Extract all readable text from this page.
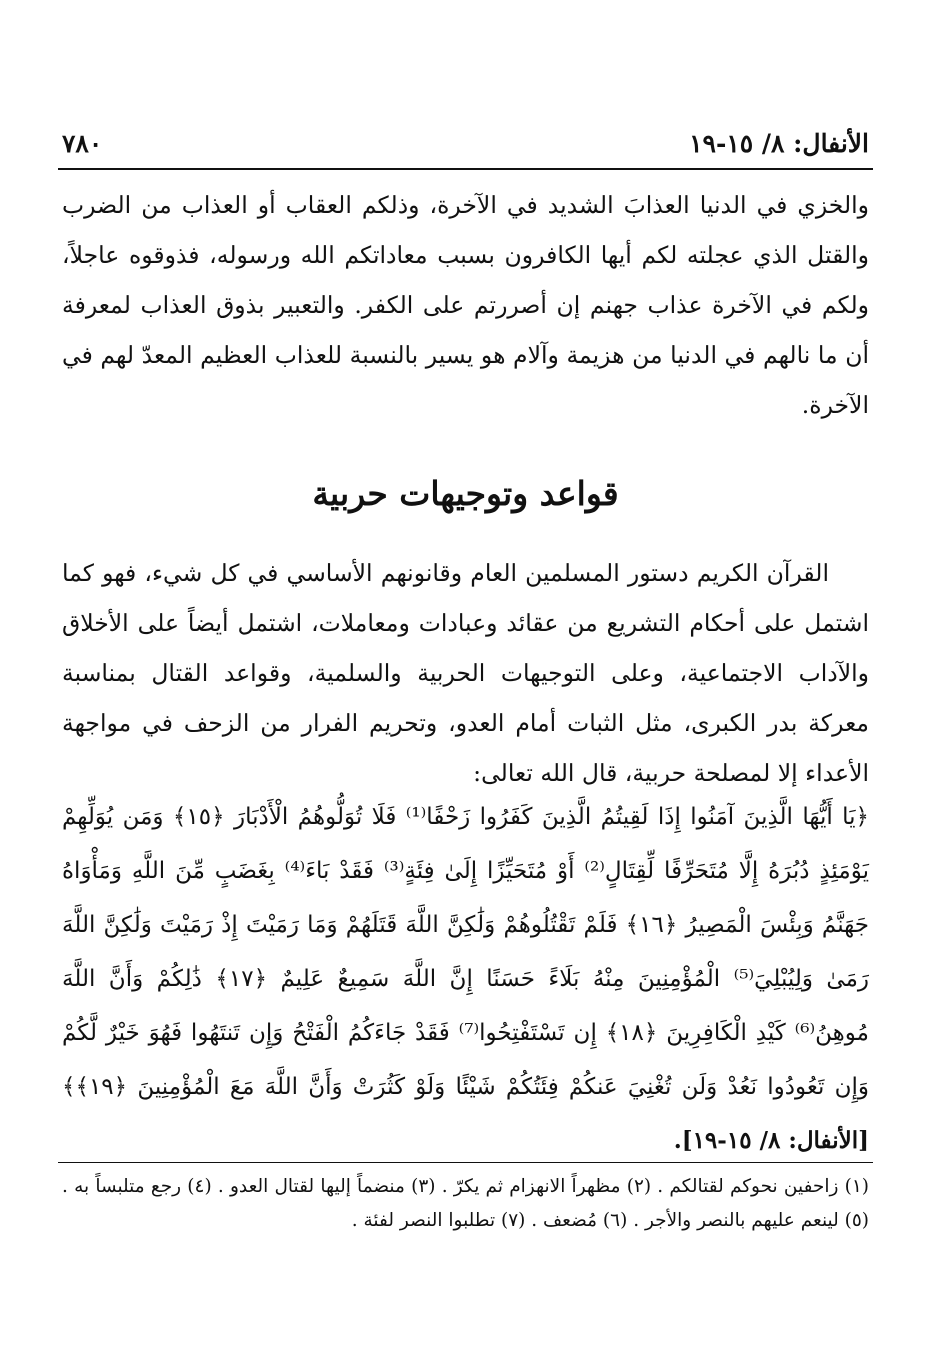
الأنفال: ٨/ ١٥-١٩
٧٨٠
والخزي في الدنيا العذابَ الشديد في الآخرة، وذلكم العقاب أو العذاب من الضرب والقتل الذي عجلته لكم أيها الكافرون بسبب معاداتكم الله ورسوله، فذوقوه عاجلاً، ولكم في الآخرة عذاب جهنم إن أصررتم على الكفر. والتعبير بذوق العذاب لمعرفة أن ما نالهم في الدنيا من هزيمة وآلام هو يسير بالنسبة للعذاب العظيم المعدّ لهم في الآخرة.
قواعد وتوجيهات حربية
القرآن الكريم دستور المسلمين العام وقانونهم الأساسي في كل شيء، فهو كما اشتمل على أحكام التشريع من عقائد وعبادات ومعاملات، اشتمل أيضاً على الأخلاق والآداب الاجتماعية، وعلى التوجيهات الحربية والسلمية، وقواعد القتال بمناسبة معركة بدر الكبرى، مثل الثبات أمام العدو، وتحريم الفرار من الزحف في مواجهة الأعداء إلا لمصلحة حربية، قال الله تعالى:
﴿يَا أَيُّهَا الَّذِينَ آمَنُوا إِذَا لَقِيتُمُ الَّذِينَ كَفَرُوا زَحْفًا⁽¹⁾ فَلَا تُوَلُّوهُمُ الْأَدْبَارَ ﴿١٥﴾ وَمَن يُوَلِّهِمْ يَوْمَئِذٍ دُبُرَهُ إِلَّا مُتَحَرِّفًا لِّقِتَالٍ⁽²⁾ أَوْ مُتَحَيِّزًا إِلَىٰ فِئَةٍ⁽³⁾ فَقَدْ بَاءَ⁽⁴⁾ بِغَضَبٍ مِّنَ اللَّهِ وَمَأْوَاهُ جَهَنَّمُ وَبِئْسَ الْمَصِيرُ ﴿١٦﴾ فَلَمْ تَقْتُلُوهُمْ وَلَٰكِنَّ اللَّهَ قَتَلَهُمْ وَمَا رَمَيْتَ إِذْ رَمَيْتَ وَلَٰكِنَّ اللَّهَ رَمَىٰ وَلِيُبْلِيَ⁽⁵⁾ الْمُؤْمِنِينَ مِنْهُ بَلَاءً حَسَنًا إِنَّ اللَّهَ سَمِيعٌ عَلِيمٌ ﴿١٧﴾ ذَٰلِكُمْ وَأَنَّ اللَّهَ مُوهِنُ⁽⁶⁾ كَيْدِ الْكَافِرِينَ ﴿١٨﴾ إِن تَسْتَفْتِحُوا⁽⁷⁾ فَقَدْ جَاءَكُمُ الْفَتْحُ وَإِن تَنتَهُوا فَهُوَ خَيْرٌ لَّكُمْ وَإِن تَعُودُوا نَعُدْ وَلَن تُغْنِيَ عَنكُمْ فِئَتُكُمْ شَيْئًا وَلَوْ كَثُرَتْ وَأَنَّ اللَّهَ مَعَ الْمُؤْمِنِينَ ﴿١٩﴾﴾ [الأنفال: ٨/ ١٥-١٩].
(١) زاحفين نحوكم لقتالكم . (٢) مظهراً الانهزام ثم يكرّ . (٣) منضماً إليها لقتال العدو . (٤) رجع متلبساً به . (٥) لينعم عليهم بالنصر والأجر . (٦) مُضعف . (٧) تطلبوا النصر لفئة .
